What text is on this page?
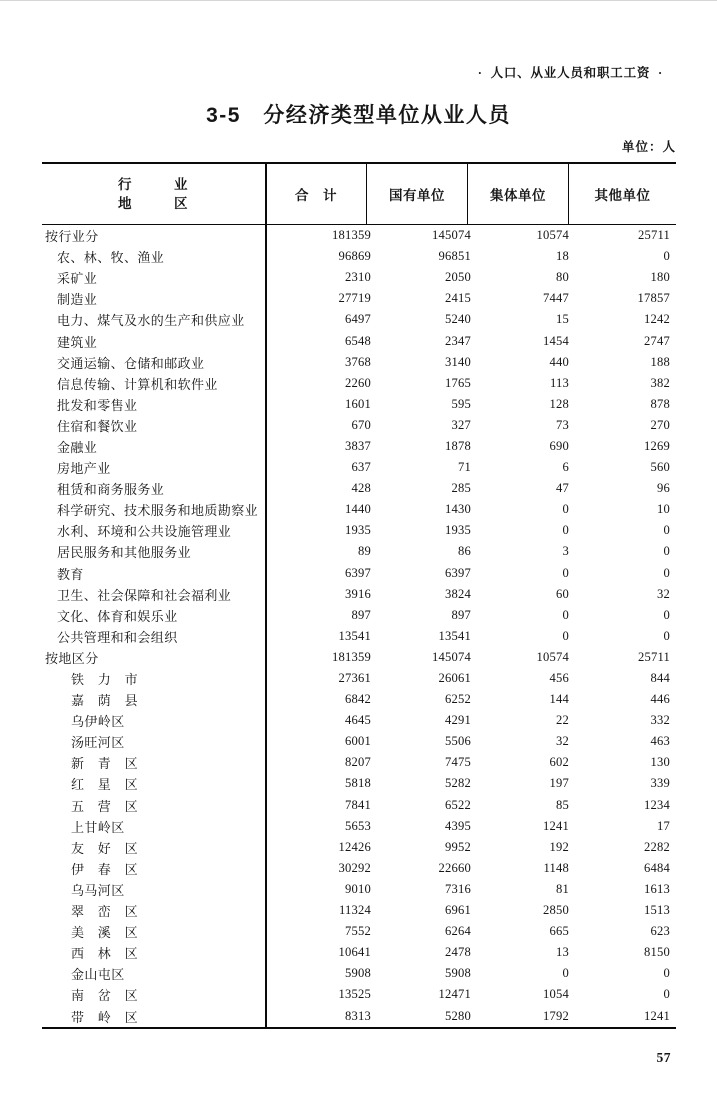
·  人口、从业人员和职工工资  ·
3-5　分经济类型单位从业人员
单位：人
行　　　业
地　　　区
合　计	国有单位	集体单位	其他单位
按行业分	181359	145074	10574	25711
农、林、牧、渔业	96869	96851	18	0
采矿业	2310	2050	80	180
制造业	27719	2415	7447	17857
电力、煤气及水的生产和供应业	6497	5240	15	1242
建筑业	6548	2347	1454	2747
交通运输、仓储和邮政业	3768	3140	440	188
信息传输、计算机和软件业	2260	1765	113	382
批发和零售业	1601	595	128	878
住宿和餐饮业	670	327	73	270
金融业	3837	1878	690	1269
房地产业	637	71	6	560
租赁和商务服务业	428	285	47	96
科学研究、技术服务和地质勘察业	1440	1430	0	10
水利、环境和公共设施管理业	1935	1935	0	0
居民服务和其他服务业	89	86	3	0
教育	6397	6397	0	0
卫生、社会保障和社会福利业	3916	3824	60	32
文化、体育和娱乐业	897	897	0	0
公共管理和和会组织	13541	13541	0	0
按地区分	181359	145074	10574	25711
铁　力　市	27361	26061	456	844
嘉　荫　县	6842	6252	144	446
乌伊岭区	4645	4291	22	332
汤旺河区	6001	5506	32	463
新　青　区	8207	7475	602	130
红　星　区	5818	5282	197	339
五　营　区	7841	6522	85	1234
上甘岭区	5653	4395	1241	17
友　好　区	12426	9952	192	2282
伊　春　区	30292	22660	1148	6484
乌马河区	9010	7316	81	1613
翠　峦　区	11324	6961	2850	1513
美　溪　区	7552	6264	665	623
西　林　区	10641	2478	13	8150
金山屯区	5908	5908	0	0
南　岔　区	13525	12471	1054	0
带　岭　区	8313	5280	1792	1241
57
